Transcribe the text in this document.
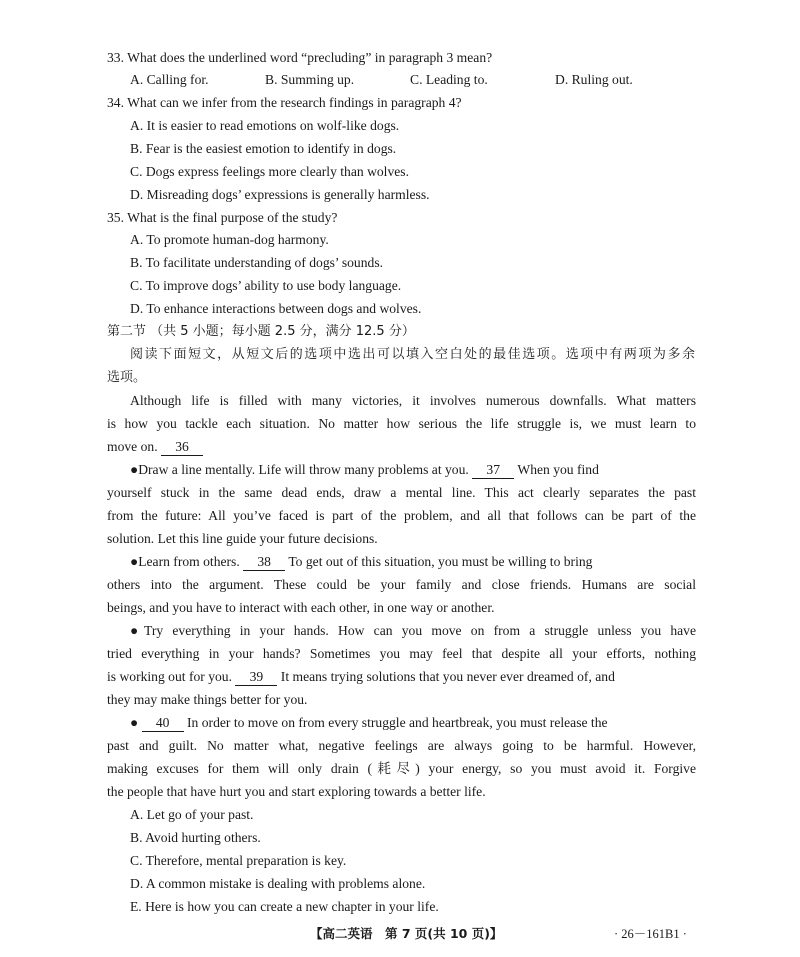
33. What does the underlined word “precluding” in paragraph 3 mean?
A. Calling for.	B. Summing up.	C. Leading to.	D. Ruling out.
34. What can we infer from the research findings in paragraph 4?
A. It is easier to read emotions on wolf-like dogs.
B. Fear is the easiest emotion to identify in dogs.
C. Dogs express feelings more clearly than wolves.
D. Misreading dogs’ expressions is generally harmless.
35. What is the final purpose of the study?
A. To promote human-dog harmony.
B. To facilitate understanding of dogs’ sounds.
C. To improve dogs’ ability to use body language.
D. To enhance interactions between dogs and wolves.
第二节 （共 5 小题；每小题 2.5 分，满分 12.5 分）
阅读下面短文，从短文后的选项中选出可以填入空白处的最佳选项。选项中有两项为多余
选项。
Although life is filled with many victories, it involves numerous downfalls. What matters
is how you tackle each situation. No matter how serious the life struggle is, we must learn to
move on. 36
●Draw a line mentally. Life will throw many problems at you. 37 When you find
yourself stuck in the same dead ends, draw a mental line. This act clearly separates the past
from the future: All you’ve faced is part of the problem, and all that follows can be part of the
solution. Let this line guide your future decisions.
●Learn from others. 38 To get out of this situation, you must be willing to bring
others into the argument. These could be your family and close friends. Humans are social
beings, and you have to interact with each other, in one way or another.
●Try everything in your hands. How can you move on from a struggle unless you have
tried everything in your hands? Sometimes you may feel that despite all your efforts, nothing
is working out for you. 39 It means trying solutions that you never ever dreamed of, and
they may make things better for you.
● 40 In order to move on from every struggle and heartbreak, you must release the
past and guilt. No matter what, negative feelings are always going to be harmful. However,
making excuses for them will only drain (耗尽) your energy, so you must avoid it. Forgive
the people that have hurt you and start exploring towards a better life.
A. Let go of your past.
B. Avoid hurting others.
C. Therefore, mental preparation is key.
D. A common mistake is dealing with problems alone.
E. Here is how you can create a new chapter in your life.
【高二英语　第 7 页(共 10 页)】	· 26－161B1 ·
